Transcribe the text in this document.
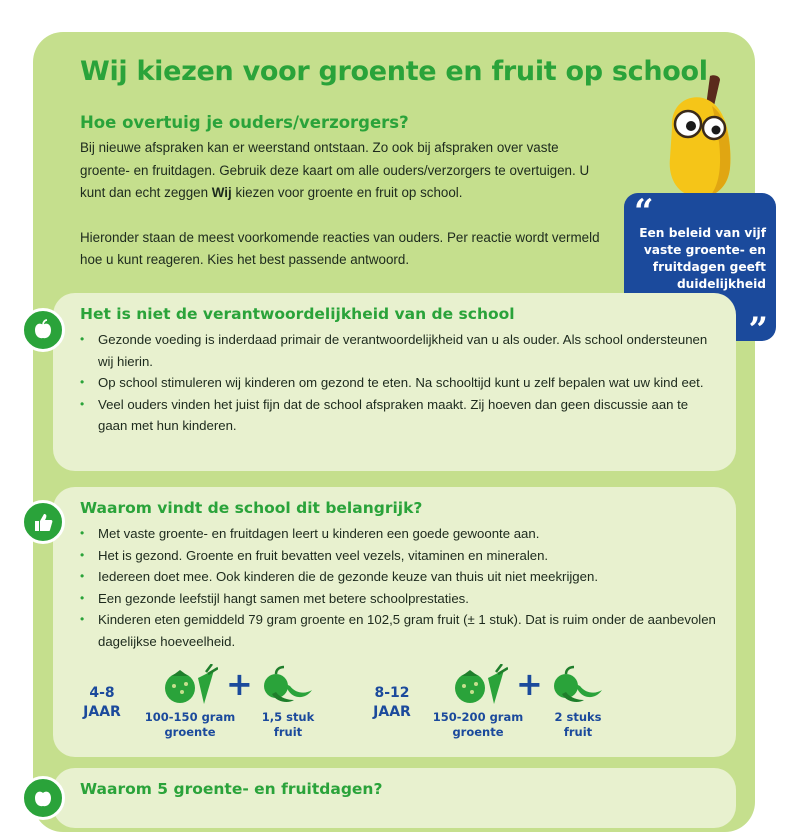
Wij kiezen voor groente en fruit op school
Hoe overtuig je ouders/verzorgers?

Bij nieuwe afspraken kan er weerstand ontstaan. Zo ook bij afspraken over vaste groente- en fruitdagen. Gebruik deze kaart om alle ouders/verzorgers te overtuigen. U kunt dan echt zeggen Wij kiezen voor groente en fruit op school.

Hieronder staan de meest voorkomende reacties van ouders. Per reactie wordt vermeld hoe u kunt reageren. Kies het best passende antwoord.

“
Een beleid van vijf vaste groente- en fruitdagen geeft duidelijkheid
”
Het is niet de verantwoordelijkheid van de school
• Gezonde voeding is inderdaad primair de verantwoordelijkheid van u als ouder. Als school ondersteunen wij hierin.
• Op school stimuleren wij kinderen om gezond te eten. Na schooltijd kunt u zelf bepalen wat uw kind eet.
• Veel ouders vinden het juist fijn dat de school afspraken maakt. Zij hoeven dan geen discussie aan te gaan met hun kinderen.
Waarom vindt de school dit belangrijk?
• Met vaste groente- en fruitdagen leert u kinderen een goede gewoonte aan.
• Het is gezond. Groente en fruit bevatten veel vezels, vitaminen en mineralen.
• Iedereen doet mee. Ook kinderen die de gezonde keuze van thuis uit niet meekrijgen.
• Een gezonde leefstijl hangt samen met betere schoolprestaties.
• Kinderen eten gemiddeld 79 gram groente en 102,5 gram fruit (± 1 stuk). Dat is ruim onder de aanbevolen dagelijkse hoeveelheid.
4-8
JAAR
+
100-150 gram
groente
1,5 stuk
fruit
8-12
JAAR
+
150-200 gram
groente
2 stuks
fruit
Waarom 5 groente- en fruitdagen?
